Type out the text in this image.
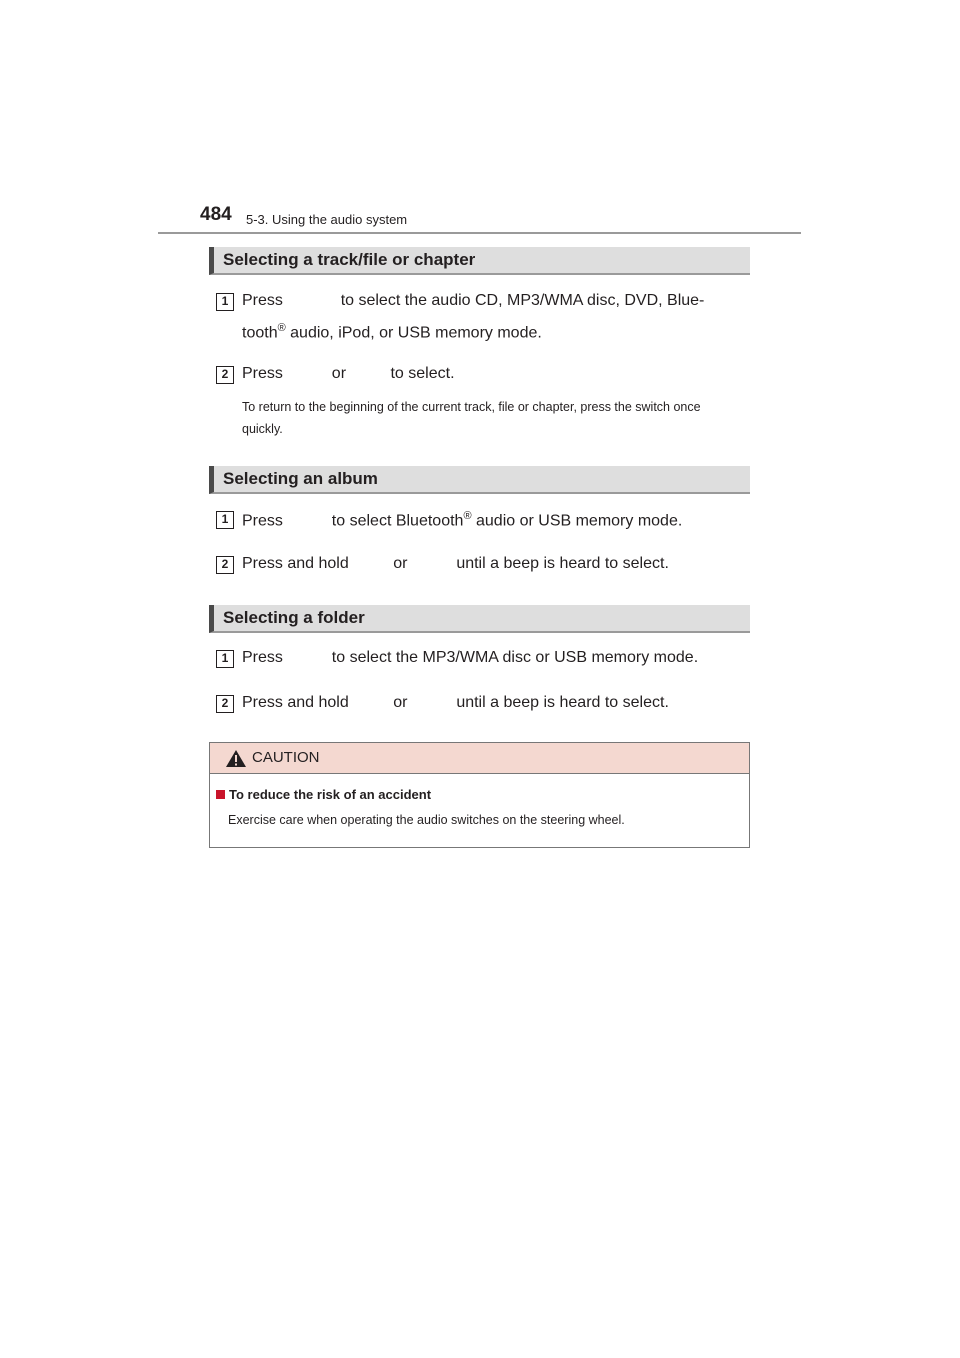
484 5-3. Using the audio system
Selecting a track/file or chapter
1 Press             to select the audio CD, MP3/WMA disc, DVD, Blue-
tooth® audio, iPod, or USB memory mode.
2 Press           or          to select.
To return to the beginning of the current track, file or chapter, press the switch once quickly.
Selecting an album
1 Press           to select Bluetooth® audio or USB memory mode.
2 Press and hold          or           until a beep is heard to select.
Selecting a folder
1 Press           to select the MP3/WMA disc or USB memory mode.
2 Press and hold          or           until a beep is heard to select.
CAUTION
To reduce the risk of an accident
Exercise care when operating the audio switches on the steering wheel.
